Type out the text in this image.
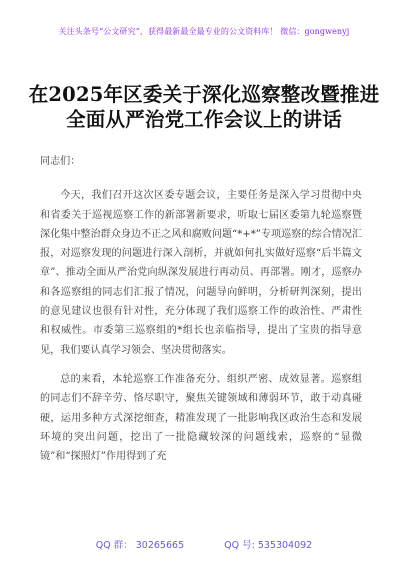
关注头条号“公文研究”，获得最新最全最专业的公文资料库！ 微信：gongwenyj
在2025年区委关于深化巡察整改暨推进
全面从严治党工作会议上的讲话

同志们：

今天，我们召开这次区委专题会议，主要任务是深入学习贯彻中央和省委关于巡视巡察工作的新部署新要求，听取七届区委第九轮巡察暨深化集中整治群众身边不正之风和腐败问题“*+*”专项巡察的综合情况汇报，对巡察发现的问题进行深入剖析，并就如何扎实做好巡察“后半篇文章”、推动全面从严治党向纵深发展进行再动员、再部署。刚才，巡察办和各巡察组的同志们汇报了情况，问题导向鲜明，分析研判深刻，提出的意见建议也很有针对性，充分体现了我们巡察工作的政治性、严肃性和权威性。市委第三巡察组的*组长也亲临指导，提出了宝贵的指导意见，我们要认真学习领会、坚决贯彻落实。

总的来看，本轮巡察工作准备充分、组织严密、成效显著。巡察组的同志们不辞辛劳、恪尽职守，聚焦关键领域和薄弱环节，敢于动真碰硬，运用多种方式深挖细查，精准发现了一批影响我区政治生态和发展环境的突出问题，挖出了一批隐藏较深的问题线索，巡察的“显微镜”和“探照灯”作用得到了充

QQ 群： 30265665	QQ 号: 535304092
